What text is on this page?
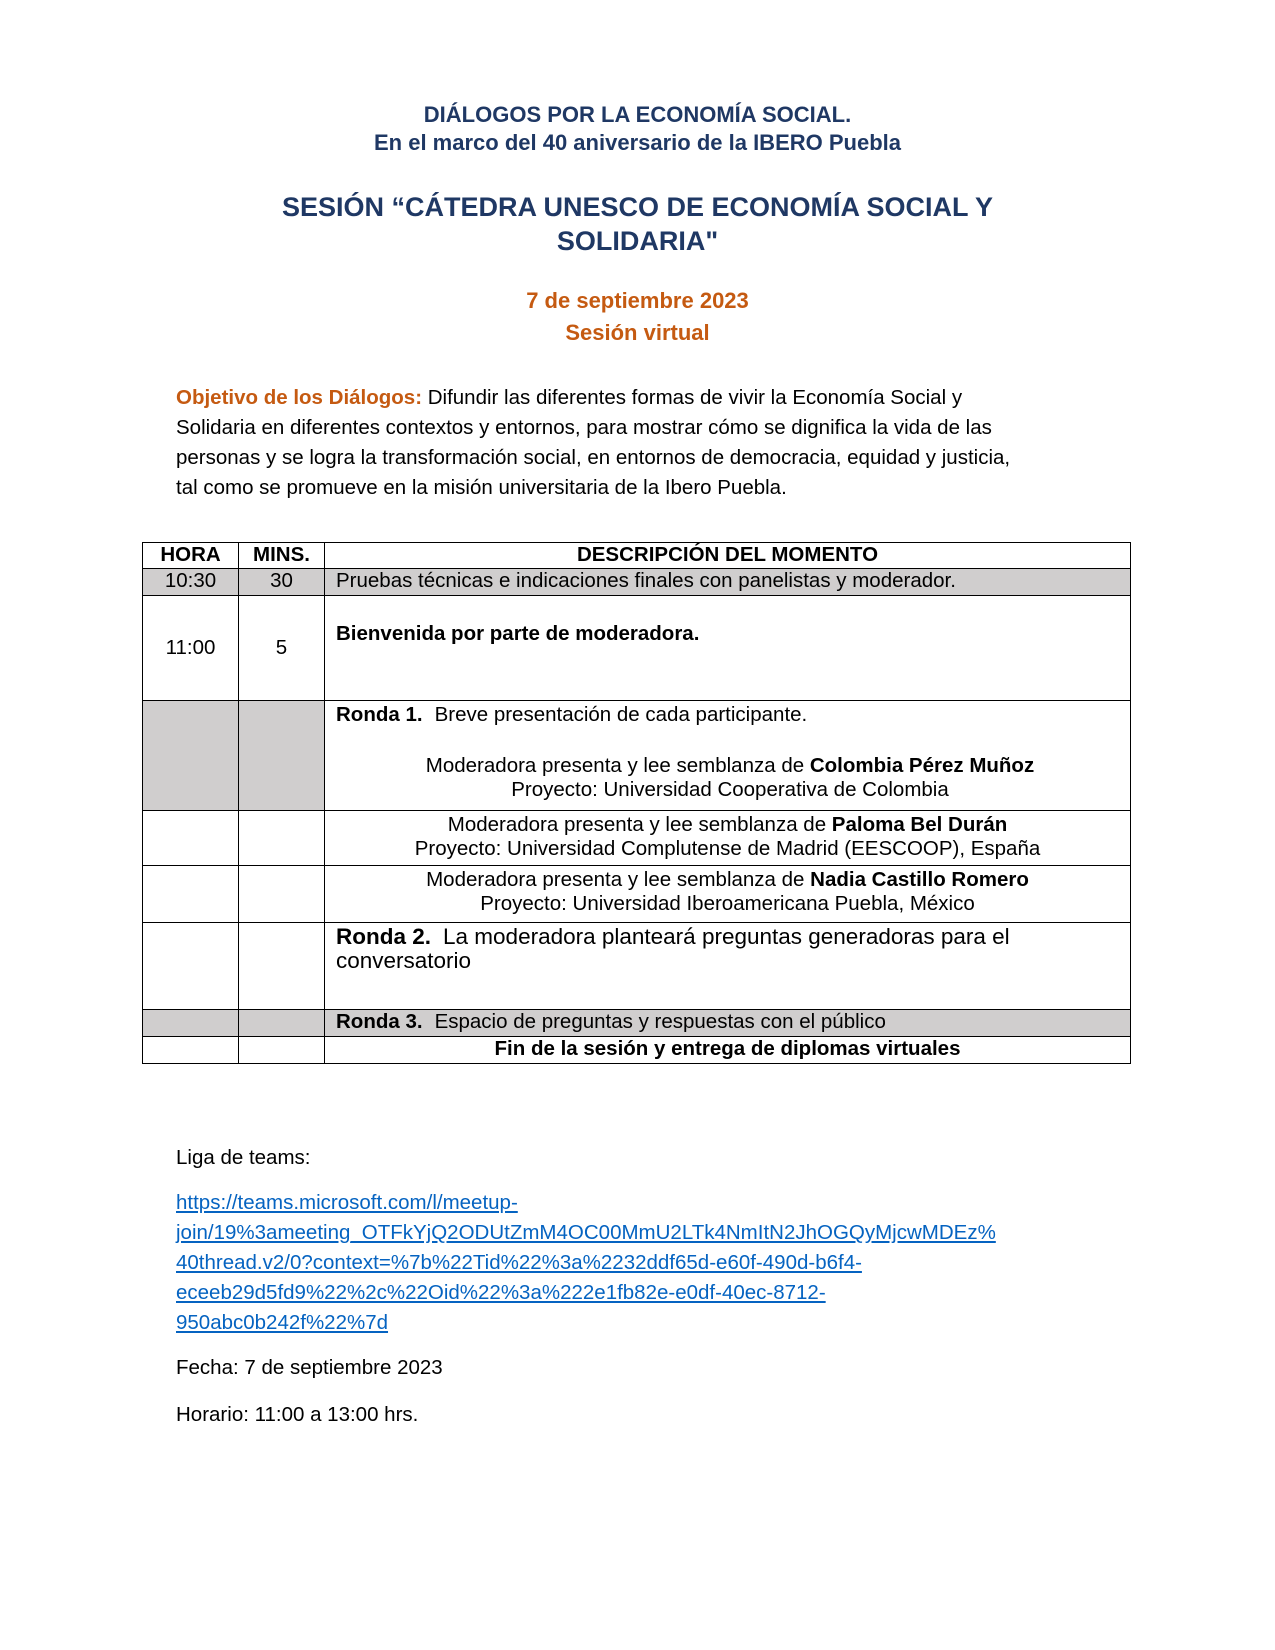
DIÁLOGOS POR LA ECONOMÍA SOCIAL.
En el marco del 40 aniversario de la IBERO Puebla
SESIÓN “CÁTEDRA UNESCO DE ECONOMÍA SOCIAL Y
SOLIDARIA"
7 de septiembre 2023
Sesión virtual
Objetivo de los Diálogos: Difundir las diferentes formas de vivir la Economía Social y
Solidaria en diferentes contextos y entornos, para mostrar cómo se dignifica la vida de las
personas y se logra la transformación social, en entornos de democracia, equidad y justicia,
tal como se promueve en la misión universitaria de la Ibero Puebla.
HORA	MINS.	DESCRIPCIÓN DEL MOMENTO
10:30	30	Pruebas técnicas e indicaciones finales con panelistas y moderador.
11:00	5	Bienvenida por parte de moderadora.

		Ronda 1. Breve presentación de cada participante.
Moderadora presenta y lee semblanza de Colombia Pérez Muñoz
Proyecto: Universidad Cooperativa de Colombia

		Moderadora presenta y lee semblanza de Paloma Bel Durán
Proyecto: Universidad Complutense de Madrid (EESCOOP), España

		Moderadora presenta y lee semblanza de Nadia Castillo Romero
Proyecto: Universidad Iberoamericana Puebla, México

		Ronda 2. La moderadora planteará preguntas generadoras para el conversatorio
		Ronda 3. Espacio de preguntas y respuestas con el público
		Fin de la sesión y entrega de diplomas virtuales
Liga de teams:
https://teams.microsoft.com/l/meetup-
join/19%3ameeting_OTFkYjQ2ODUtZmM4OC00MmU2LTk4NmItN2JhOGQyMjcwMDEz%
40thread.v2/0?context=%7b%22Tid%22%3a%2232ddf65d-e60f-490d-b6f4-
eceeb29d5fd9%22%2c%22Oid%22%3a%222e1fb82e-e0df-40ec-8712-
950abc0b242f%22%7d
Fecha: 7 de septiembre 2023
Horario: 11:00 a 13:00 hrs.
